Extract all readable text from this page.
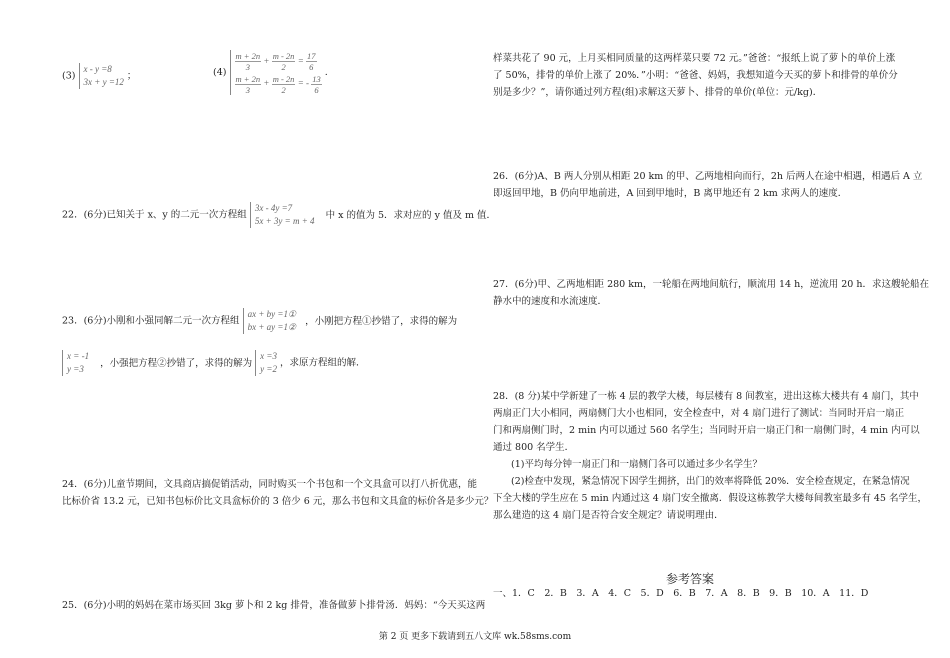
(3)
x - y =8
3x + y =12
；	$(4) \frac{m + 2n}{3} + \frac{m - 2n}{2} = \frac{17}{6}$
$\frac{m + 2n}{3} + \frac{m - 2n}{2}$ = - $\frac{13}{6}$
.
22．(6分)已知关于 x、y 的二元一次方程组
3x - 4y =7
5x + 3y = m + 4
中 x 的值为 5．求对应的 y 值及 m 值．
23．(6分)小刚和小强同解二元一次方程组
ax + by =1①
bx + ay =1②
，小刚把方程①抄错了，求得的解为
x = -1
y =3
，小强把方程②抄错了，求得的解为
x =3
y =2
，求原方程组的解．
24．(6分)儿童节期间，文具商店搞促销活动，同时购买一个书包和一个文具盒可以打八折优惠，能
比标价省 13.2 元，已知书包标价比文具盒标价的 3 倍少 6 元，那么书包和文具盒的标价各是多少元？
25．(6分)小明的妈妈在菜市场买回 3kg 萝卜和 2 kg 排骨，准备做萝卜排骨汤．妈妈：“今天买这两
样菜共花了 90 元，上月买相同质量的这两样菜只要 72 元。”爸爸：“报纸上说了萝卜的单价上涨
了 50%，排骨的单价上涨了 20%．”小明：“爸爸、妈妈，我想知道今天买的萝卜和排骨的单价分
别是多少？”，请你通过列方程(组)求解这天萝卜、排骨的单价(单位：元/kg)．
26．(6分)A、B 两人分别从相距 20 km 的甲、乙两地相向而行，2h 后两人在途中相遇，相遇后 A 立
即返回甲地，B 仍向甲地前进，A 回到甲地时，B 离甲地还有 2 km 求两人的速度．
27．(6分)甲、乙两地相距 280 km，一轮船在两地间航行，顺流用 14 h，逆流用 20 h．求这艘轮船在
静水中的速度和水流速度．
28．(8 分)某中学新建了一栋 4 层的教学大楼，每层楼有 8 间教室，进出这栋大楼共有 4 扇门，其中
两扇正门大小相同，两扇侧门大小也相同，安全检查中，对 4 扇门进行了测试：当同时开启一扇正
门和两扇侧门时，2 min 内可以通过 560 名学生；当同时开启一扇正门和一扇侧门时，4 min 内可以
通过 800 名学生．
(1)平均每分钟一扇正门和一扇侧门各可以通过多少名学生？
(2)检查中发现，紧急情况下因学生拥挤，出门的效率将降低 20%．安全检查规定，在紧急情况
下全大楼的学生应在 5 min 内通过这 4 扇门安全撤离．假设这栋教学大楼每间教室最多有 45 名学生，
那么建造的这 4 扇门是否符合安全规定？请说明理由．
参考答案
一、1．C　2．B　3．A　4．C　5．D　6．B　7．A　8．B　9．B　10．A　11．D
第 2 页 更多下载请到五八文库 wk.58sms.com
